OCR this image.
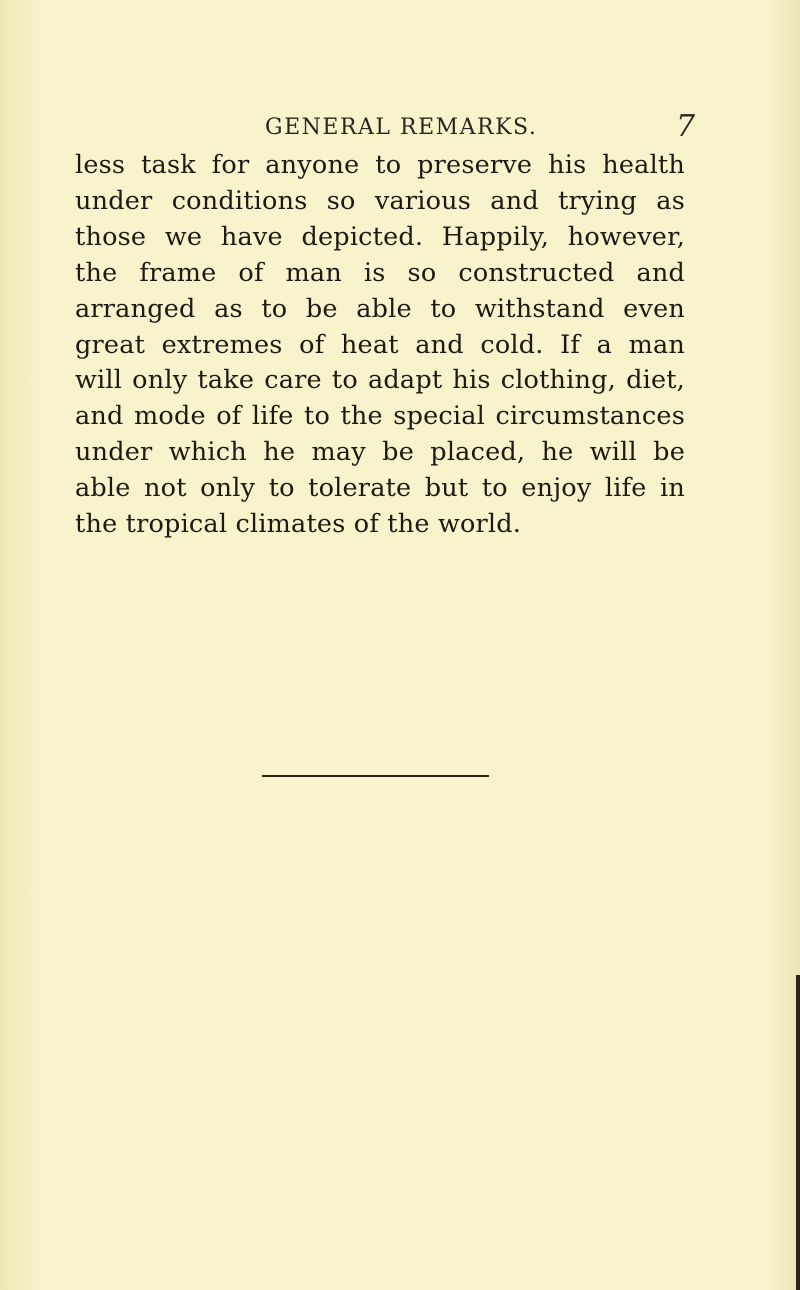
GENERAL REMARKS.	7
less task for anyone to preserve his health
under conditions so various and trying as
those we have depicted. Happily, however,
the frame of man is so constructed and
arranged as to be able to withstand even
great extremes of heat and cold. If a man
will only take care to adapt his clothing, diet,
and mode of life to the special circumstances
under which he may be placed, he will be
able not only to tolerate but to enjoy life in
the tropical climates of the world.
